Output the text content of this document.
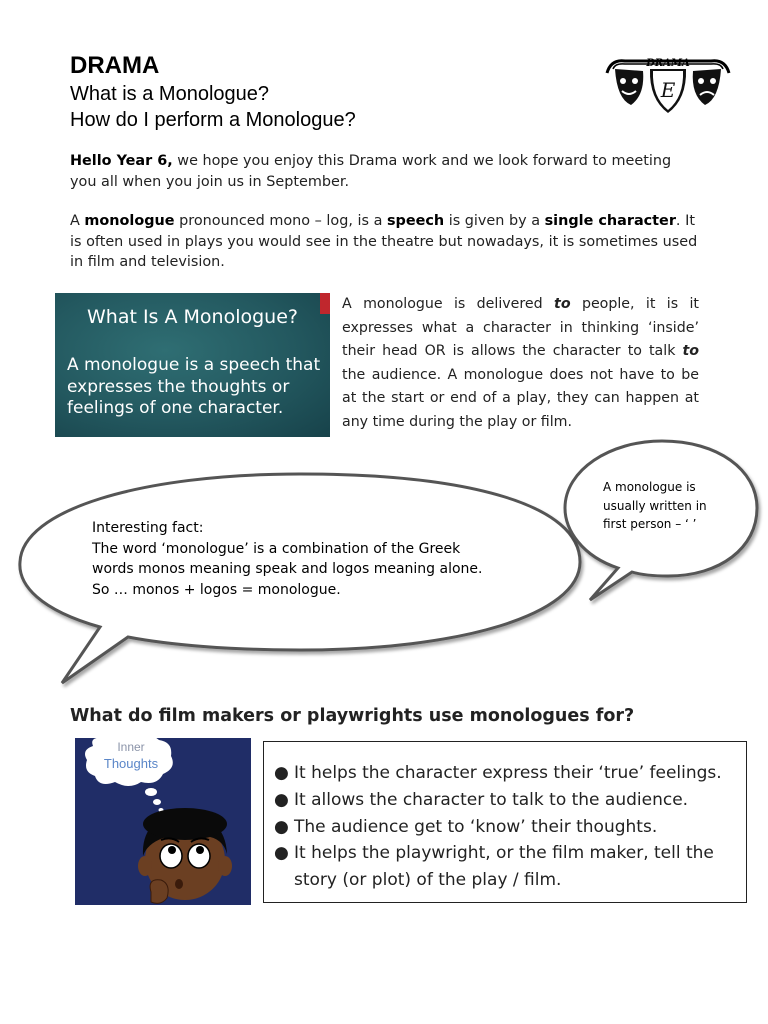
DRAMA
What is a Monologue?
How do I perform a Monologue?
DRAMA
E
Hello Year 6, we hope you enjoy this Drama work and we look forward to meeting you all when you join us in September.
A monologue pronounced mono – log, is a speech is given by a single character. It is often used in plays you would see in the theatre but nowadays, it is sometimes used in film and television.
What Is A Monologue?
A monologue is a speech that expresses the thoughts or feelings of one character.
A monologue is delivered to people, it is it expresses what a character in thinking ‘inside’ their head OR is allows the character to talk to the audience. A monologue does not have to be at the start or end of a play, they can happen at any time during the play or film.
Interesting fact:
The word ‘monologue’ is a combination of the Greek
words monos meaning speak and logos meaning alone.
So … monos + logos = monologue.
A monologue is usually written in first person – ‘ ’
What do film makers or playwrights use monologues for?
Inner
Thoughts	● It helps the character express their ‘true’ feelings.
● It allows the character to talk to the audience.
● The audience get to ‘know’ their thoughts.
● It helps the playwright, or the film maker, tell the story (or plot) of the play / film.
